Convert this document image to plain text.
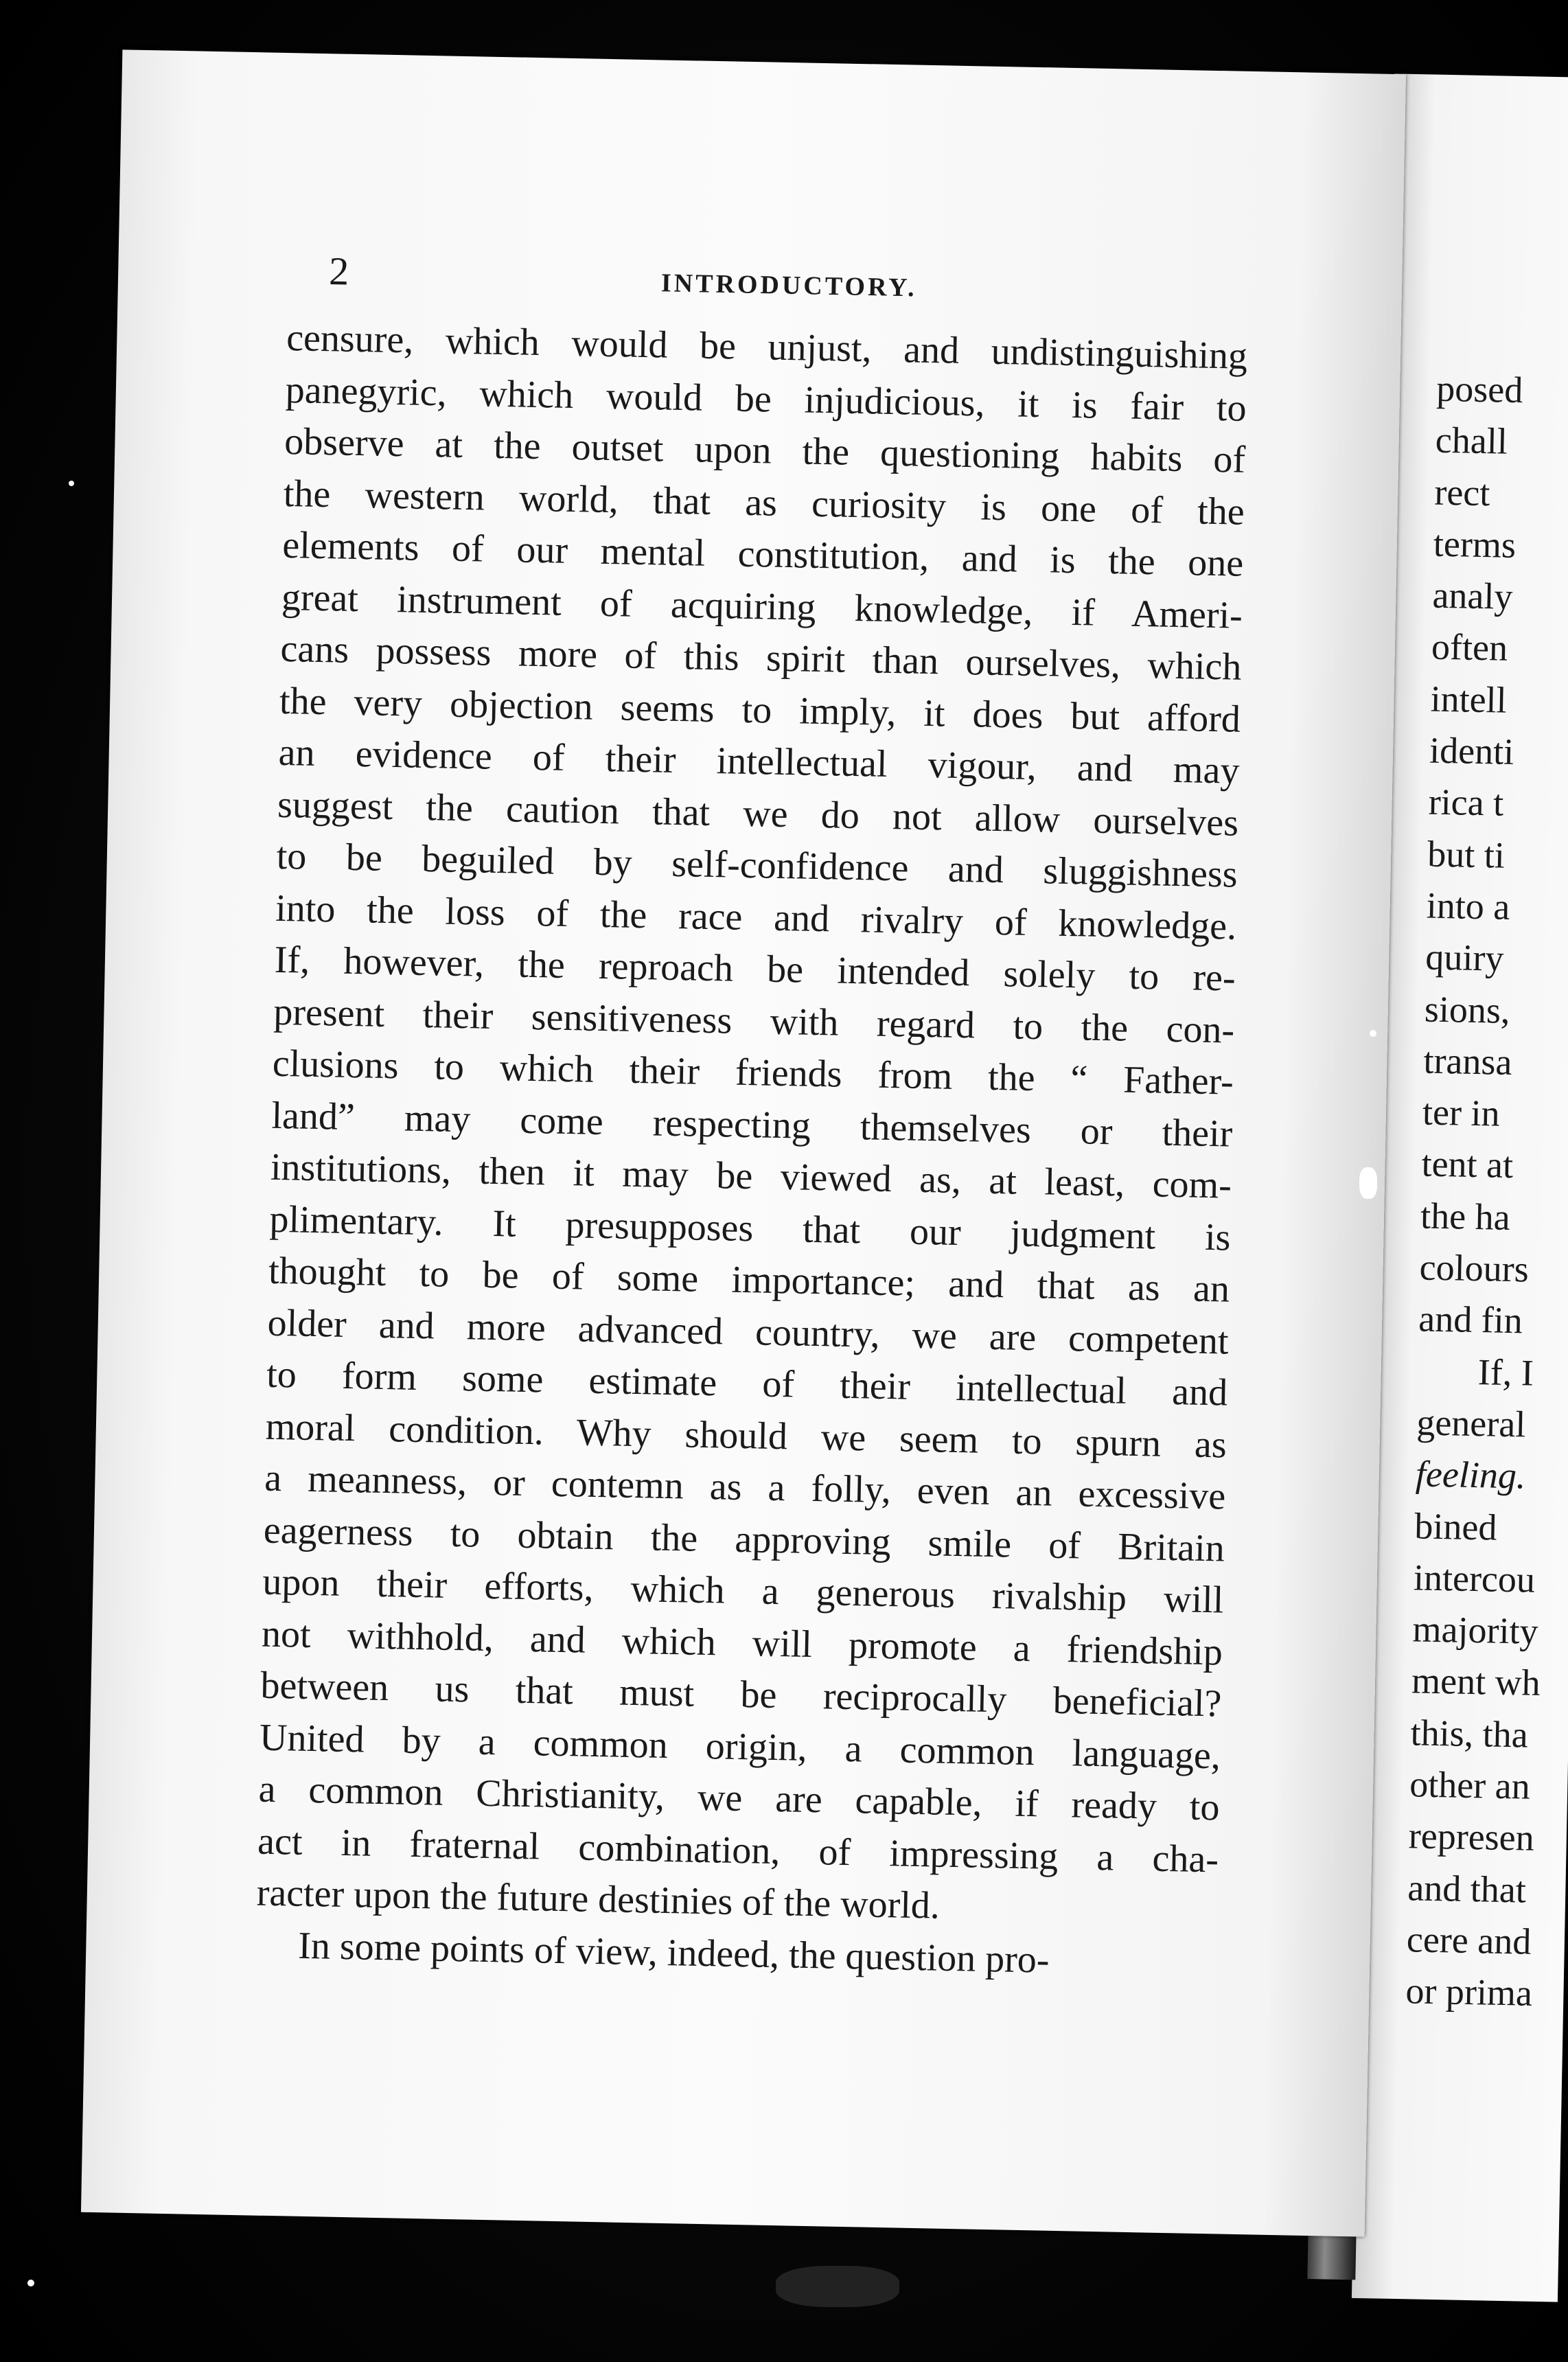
posed
chall
rect
terms
analy
often
intell
identi
rica t
but ti
into a
quiry
sions,
transa
ter in
tent at
the ha
colours
and fin
If, I
general
feeling.
bined
intercou
majority
ment wh
this, tha
other an
represen
and that
cere and
or prima
2	INTRODUCTORY.
censure, which would be unjust, and undistinguishing
panegyric, which would be injudicious, it is fair to
observe at the outset upon the questioning habits of
the western world, that as curiosity is one of the
elements of our mental constitution, and is the one
great instrument of acquiring knowledge, if Ameri-
cans possess more of this spirit than ourselves, which
the very objection seems to imply, it does but afford
an evidence of their intellectual vigour, and may
suggest the caution that we do not allow ourselves
to be beguiled by self-confidence and sluggishness
into the loss of the race and rivalry of knowledge.
If, however, the reproach be intended solely to re-
present their sensitiveness with regard to the con-
clusions to which their friends from the “ Father-
land” may come respecting themselves or their
institutions, then it may be viewed as, at least, com-
plimentary. It presupposes that our judgment is
thought to be of some importance; and that as an
older and more advanced country, we are competent
to form some estimate of their intellectual and
moral condition. Why should we seem to spurn as
a meanness, or contemn as a folly, even an excessive
eagerness to obtain the approving smile of Britain
upon their efforts, which a generous rivalship will
not withhold, and which will promote a friendship
between us that must be reciprocally beneficial?
United by a common origin, a common language,
a common Christianity, we are capable, if ready to
act in fraternal combination, of impressing a cha-
racter upon the future destinies of the world.
In some points of view, indeed, the question pro-
